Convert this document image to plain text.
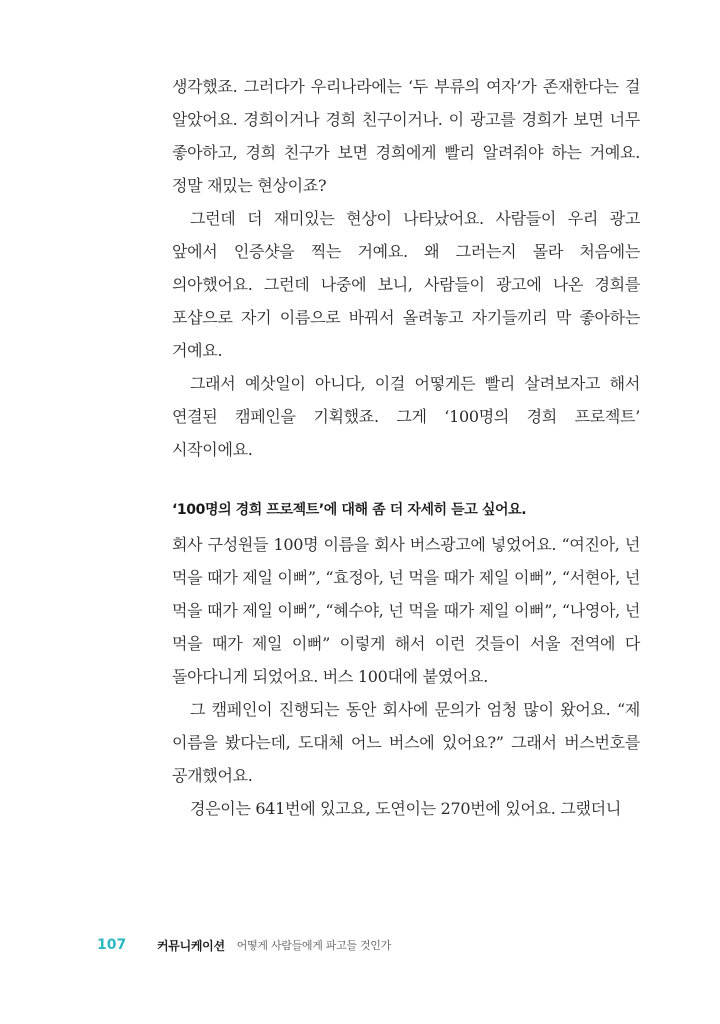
생각했죠. 그러다가 우리나라에는 ‘두 부류의 여자’가 존재한다는 걸 알았어요. 경희이거나 경희 친구이거나. 이 광고를 경희가 보면 너무 좋아하고, 경희 친구가 보면 경희에게 빨리 알려줘야 하는 거예요. 정말 재밌는 현상이죠?

그런데 더 재미있는 현상이 나타났어요. 사람들이 우리 광고 앞에서 인증샷을 찍는 거예요. 왜 그러는지 몰라 처음에는 의아했어요. 그런데 나중에 보니, 사람들이 광고에 나온 경희를 포샵으로 자기 이름으로 바꿔서 올려놓고 자기들끼리 막 좋아하는 거예요.

그래서 예삿일이 아니다, 이걸 어떻게든 빨리 살려보자고 해서 연결된 캠페인을 기획했죠. 그게 ‘100명의 경희 프로젝트’ 시작이에요.

‘100명의 경희 프로젝트’에 대해 좀 더 자세히 듣고 싶어요.

회사 구성원들 100명 이름을 회사 버스광고에 넣었어요. “여진아, 넌 먹을 때가 제일 이뻐”, “효정아, 넌 먹을 때가 제일 이뻐”, “서현아, 넌 먹을 때가 제일 이뻐”, “혜수야, 넌 먹을 때가 제일 이뻐”, “나영아, 넌 먹을 때가 제일 이뻐” 이렇게 해서 이런 것들이 서울 전역에 다 돌아다니게 되었어요. 버스 100대에 붙였어요.

그 캠페인이 진행되는 동안 회사에 문의가 엄청 많이 왔어요. “제 이름을 봤다는데, 도대체 어느 버스에 있어요?” 그래서 버스번호를 공개했어요.

경은이는 641번에 있고요, 도연이는 270번에 있어요. 그랬더니

107	커뮤니케이션 어떻게 사람들에게 파고들 것인가
